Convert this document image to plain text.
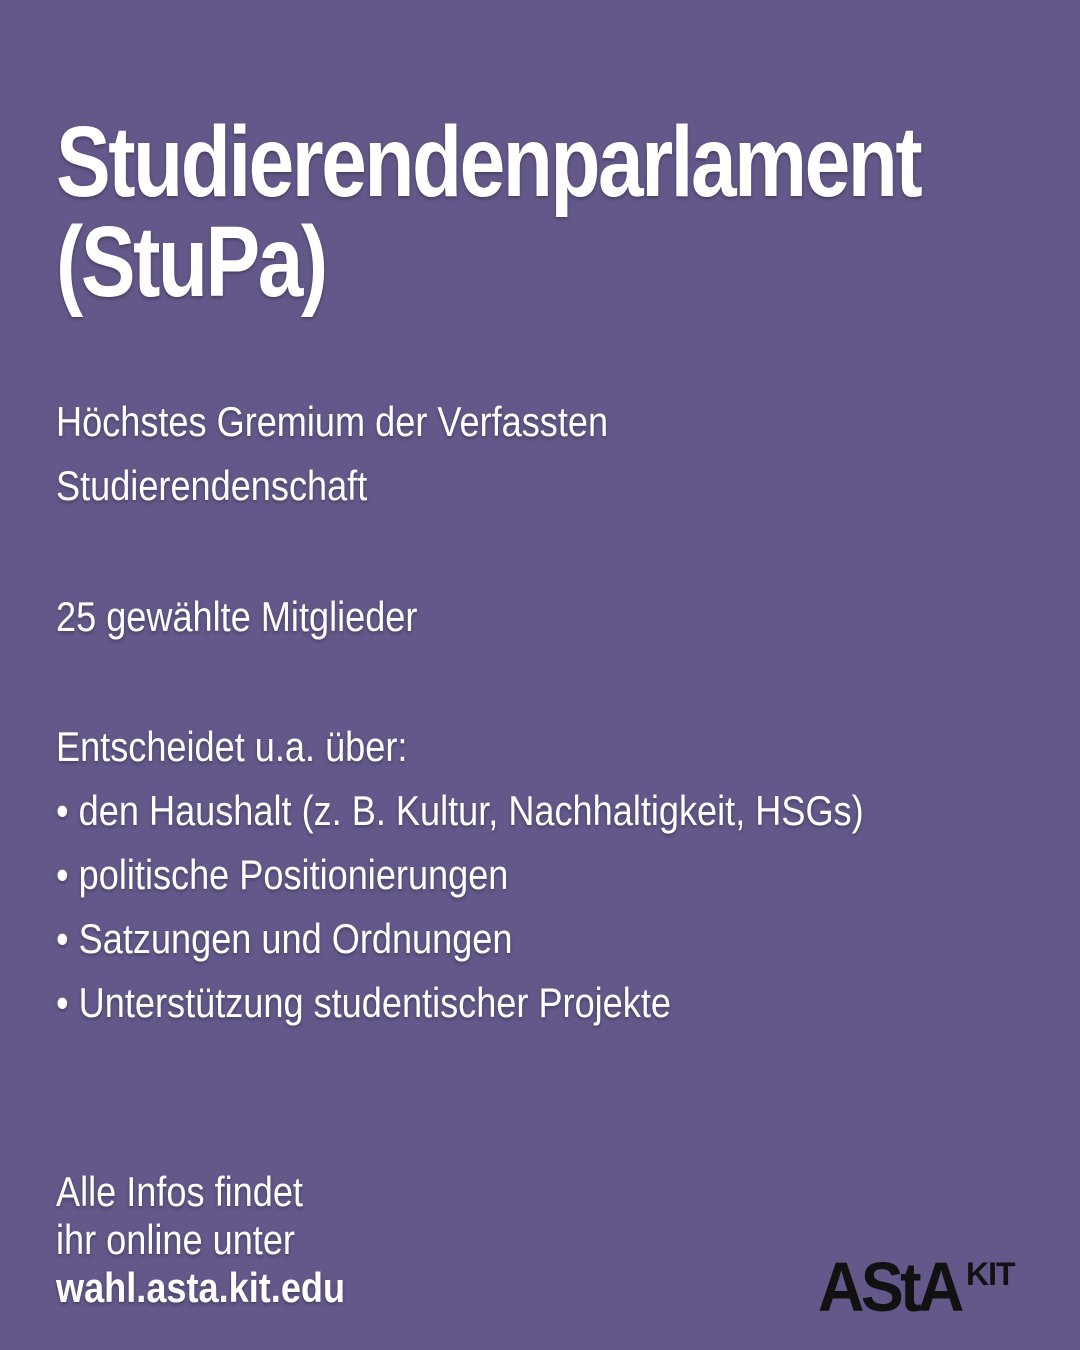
Studierendenparlament
(StuPa)
Höchstes Gremium der Verfassten
Studierendenschaft
25 gewählte Mitglieder
Entscheidet u.a. über:
• den Haushalt (z. B. Kultur, Nachhaltigkeit, HSGs)
• politische Positionierungen
• Satzungen und Ordnungen
• Unterstützung studentischer Projekte
Alle Infos findet
ihr online unter
wahl.asta.kit.edu	AStA KIT
